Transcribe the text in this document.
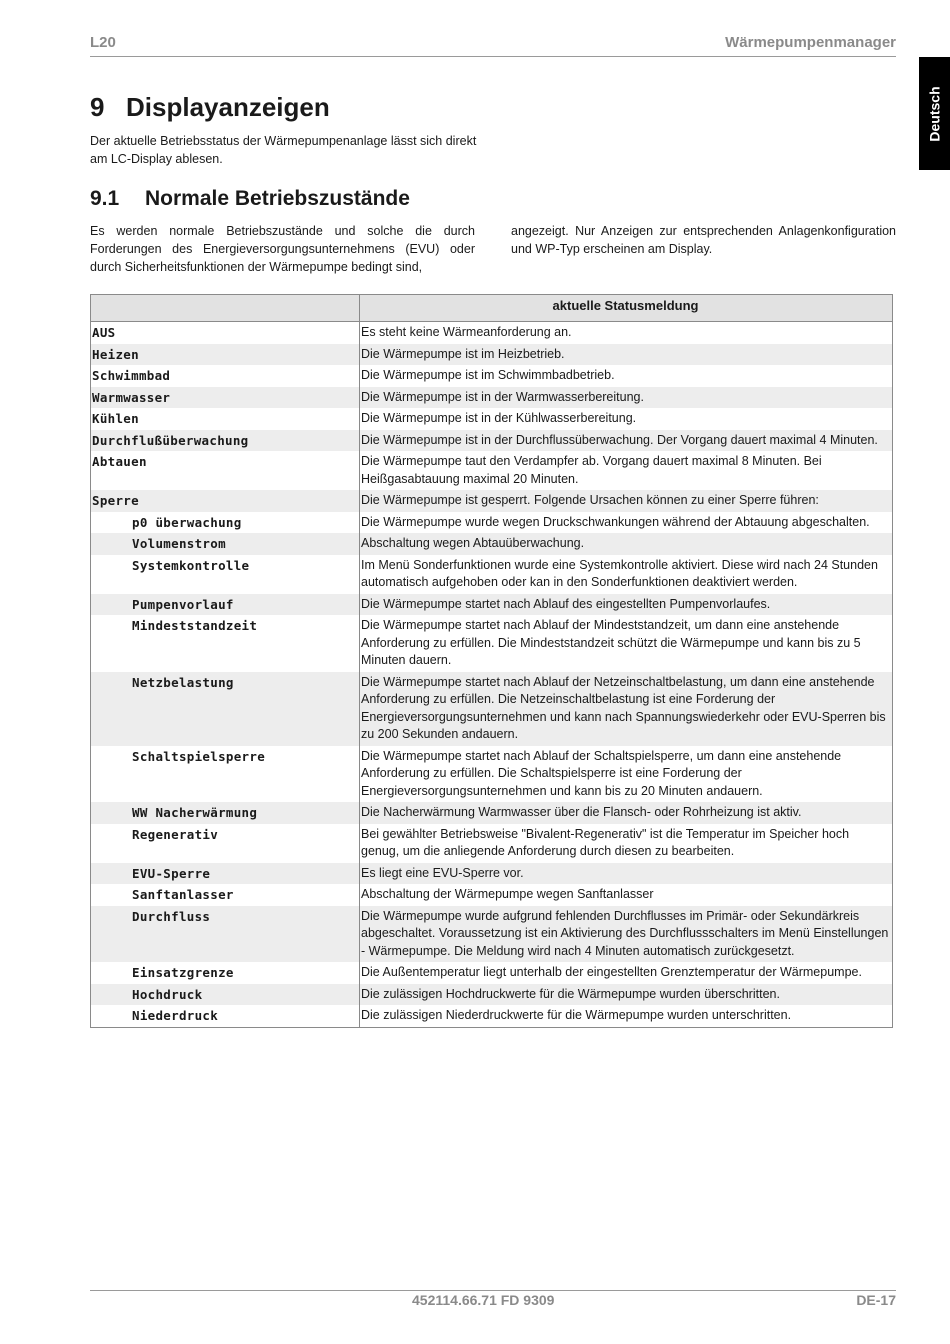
L20	Wärmepumpenmanager
Deutsch
9 Displayanzeigen

Der aktuelle Betriebsstatus der Wärmepumpenanlage lässt sich direkt am LC-Display ablesen.

9.1 Normale Betriebszustände

Es werden normale Betriebszustände und solche die durch Forderungen des Energieversorgungsunternehmens (EVU) oder durch Sicherheitsfunktionen der Wärmepumpe bedingt sind,

angezeigt. Nur Anzeigen zur entsprechenden Anlagenkonfiguration und WP-Typ erscheinen am Display.

	aktuelle Statusmeldung
AUS	Es steht keine Wärmeanforderung an.
Heizen	Die Wärmepumpe ist im Heizbetrieb.
Schwimmbad	Die Wärmepumpe ist im Schwimmbadbetrieb.
Warmwasser	Die Wärmepumpe ist in der Warmwasserbereitung.
Kühlen	Die Wärmepumpe ist in der Kühlwasserbereitung.
Durchflußüberwachung	Die Wärmepumpe ist in der Durchflussüberwachung. Der Vorgang dauert maximal 4 Minuten.
Abtauen	Die Wärmepumpe taut den Verdampfer ab. Vorgang dauert maximal 8 Minuten. Bei Heißgasabtauung maximal 20 Minuten.
Sperre	Die Wärmepumpe ist gesperrt. Folgende Ursachen können zu einer Sperre führen:
p0 überwachung	Die Wärmepumpe wurde wegen Druckschwankungen während der Abtauung abgeschalten.
Volumenstrom	Abschaltung wegen Abtauüberwachung.
Systemkontrolle	Im Menü Sonderfunktionen wurde eine Systemkontrolle aktiviert. Diese wird nach 24 Stunden automatisch aufgehoben oder kan in den Sonderfunktionen deaktiviert werden.
Pumpenvorlauf	Die Wärmepumpe startet nach Ablauf des eingestellten Pumpenvorlaufes.
Mindeststandzeit	Die Wärmepumpe startet nach Ablauf der Mindeststandzeit, um dann eine anstehende Anforderung zu erfüllen. Die Mindeststandzeit schützt die Wärmepumpe und kann bis zu 5 Minuten dauern.
Netzbelastung	Die Wärmepumpe startet nach Ablauf der Netzeinschaltbelastung, um dann eine anstehende Anforderung zu erfüllen. Die Netzeinschaltbelastung ist eine Forderung der Energieversorgungsunternehmen und kann nach Spannungswiederkehr oder EVU-Sperren bis zu 200 Sekunden andauern.
Schaltspielsperre	Die Wärmepumpe startet nach Ablauf der Schaltspielsperre, um dann eine anstehende Anforderung zu erfüllen. Die Schaltspielsperre ist eine Forderung der Energieversorgungsunternehmen und kann bis zu 20 Minuten andauern.
WW Nacherwärmung	Die Nacherwärmung Warmwasser über die Flansch- oder Rohrheizung ist aktiv.
Regenerativ	Bei gewählter Betriebsweise "Bivalent-Regenerativ" ist die Temperatur im Speicher hoch genug, um die anliegende Anforderung durch diesen zu bearbeiten.
EVU-Sperre	Es liegt eine EVU-Sperre vor.
Sanftanlasser	Abschaltung der Wärmepumpe wegen Sanftanlasser
Durchfluss	Die Wärmepumpe wurde aufgrund fehlenden Durchflusses im Primär- oder Sekundärkreis abgeschaltet. Voraussetzung ist ein Aktivierung des Durchflussschalters im Menü Einstellungen - Wärmepumpe. Die Meldung wird nach 4 Minuten automatisch zurückgesetzt.
Einsatzgrenze	Die Außentemperatur liegt unterhalb der eingestellten Grenztemperatur der Wärmepumpe.
Hochdruck	Die zulässigen Hochdruckwerte für die Wärmepumpe wurden überschritten.
Niederdruck	Die zulässigen Niederdruckwerte für die Wärmepumpe wurden unterschritten.
452114.66.71 FD 9309	DE-17
